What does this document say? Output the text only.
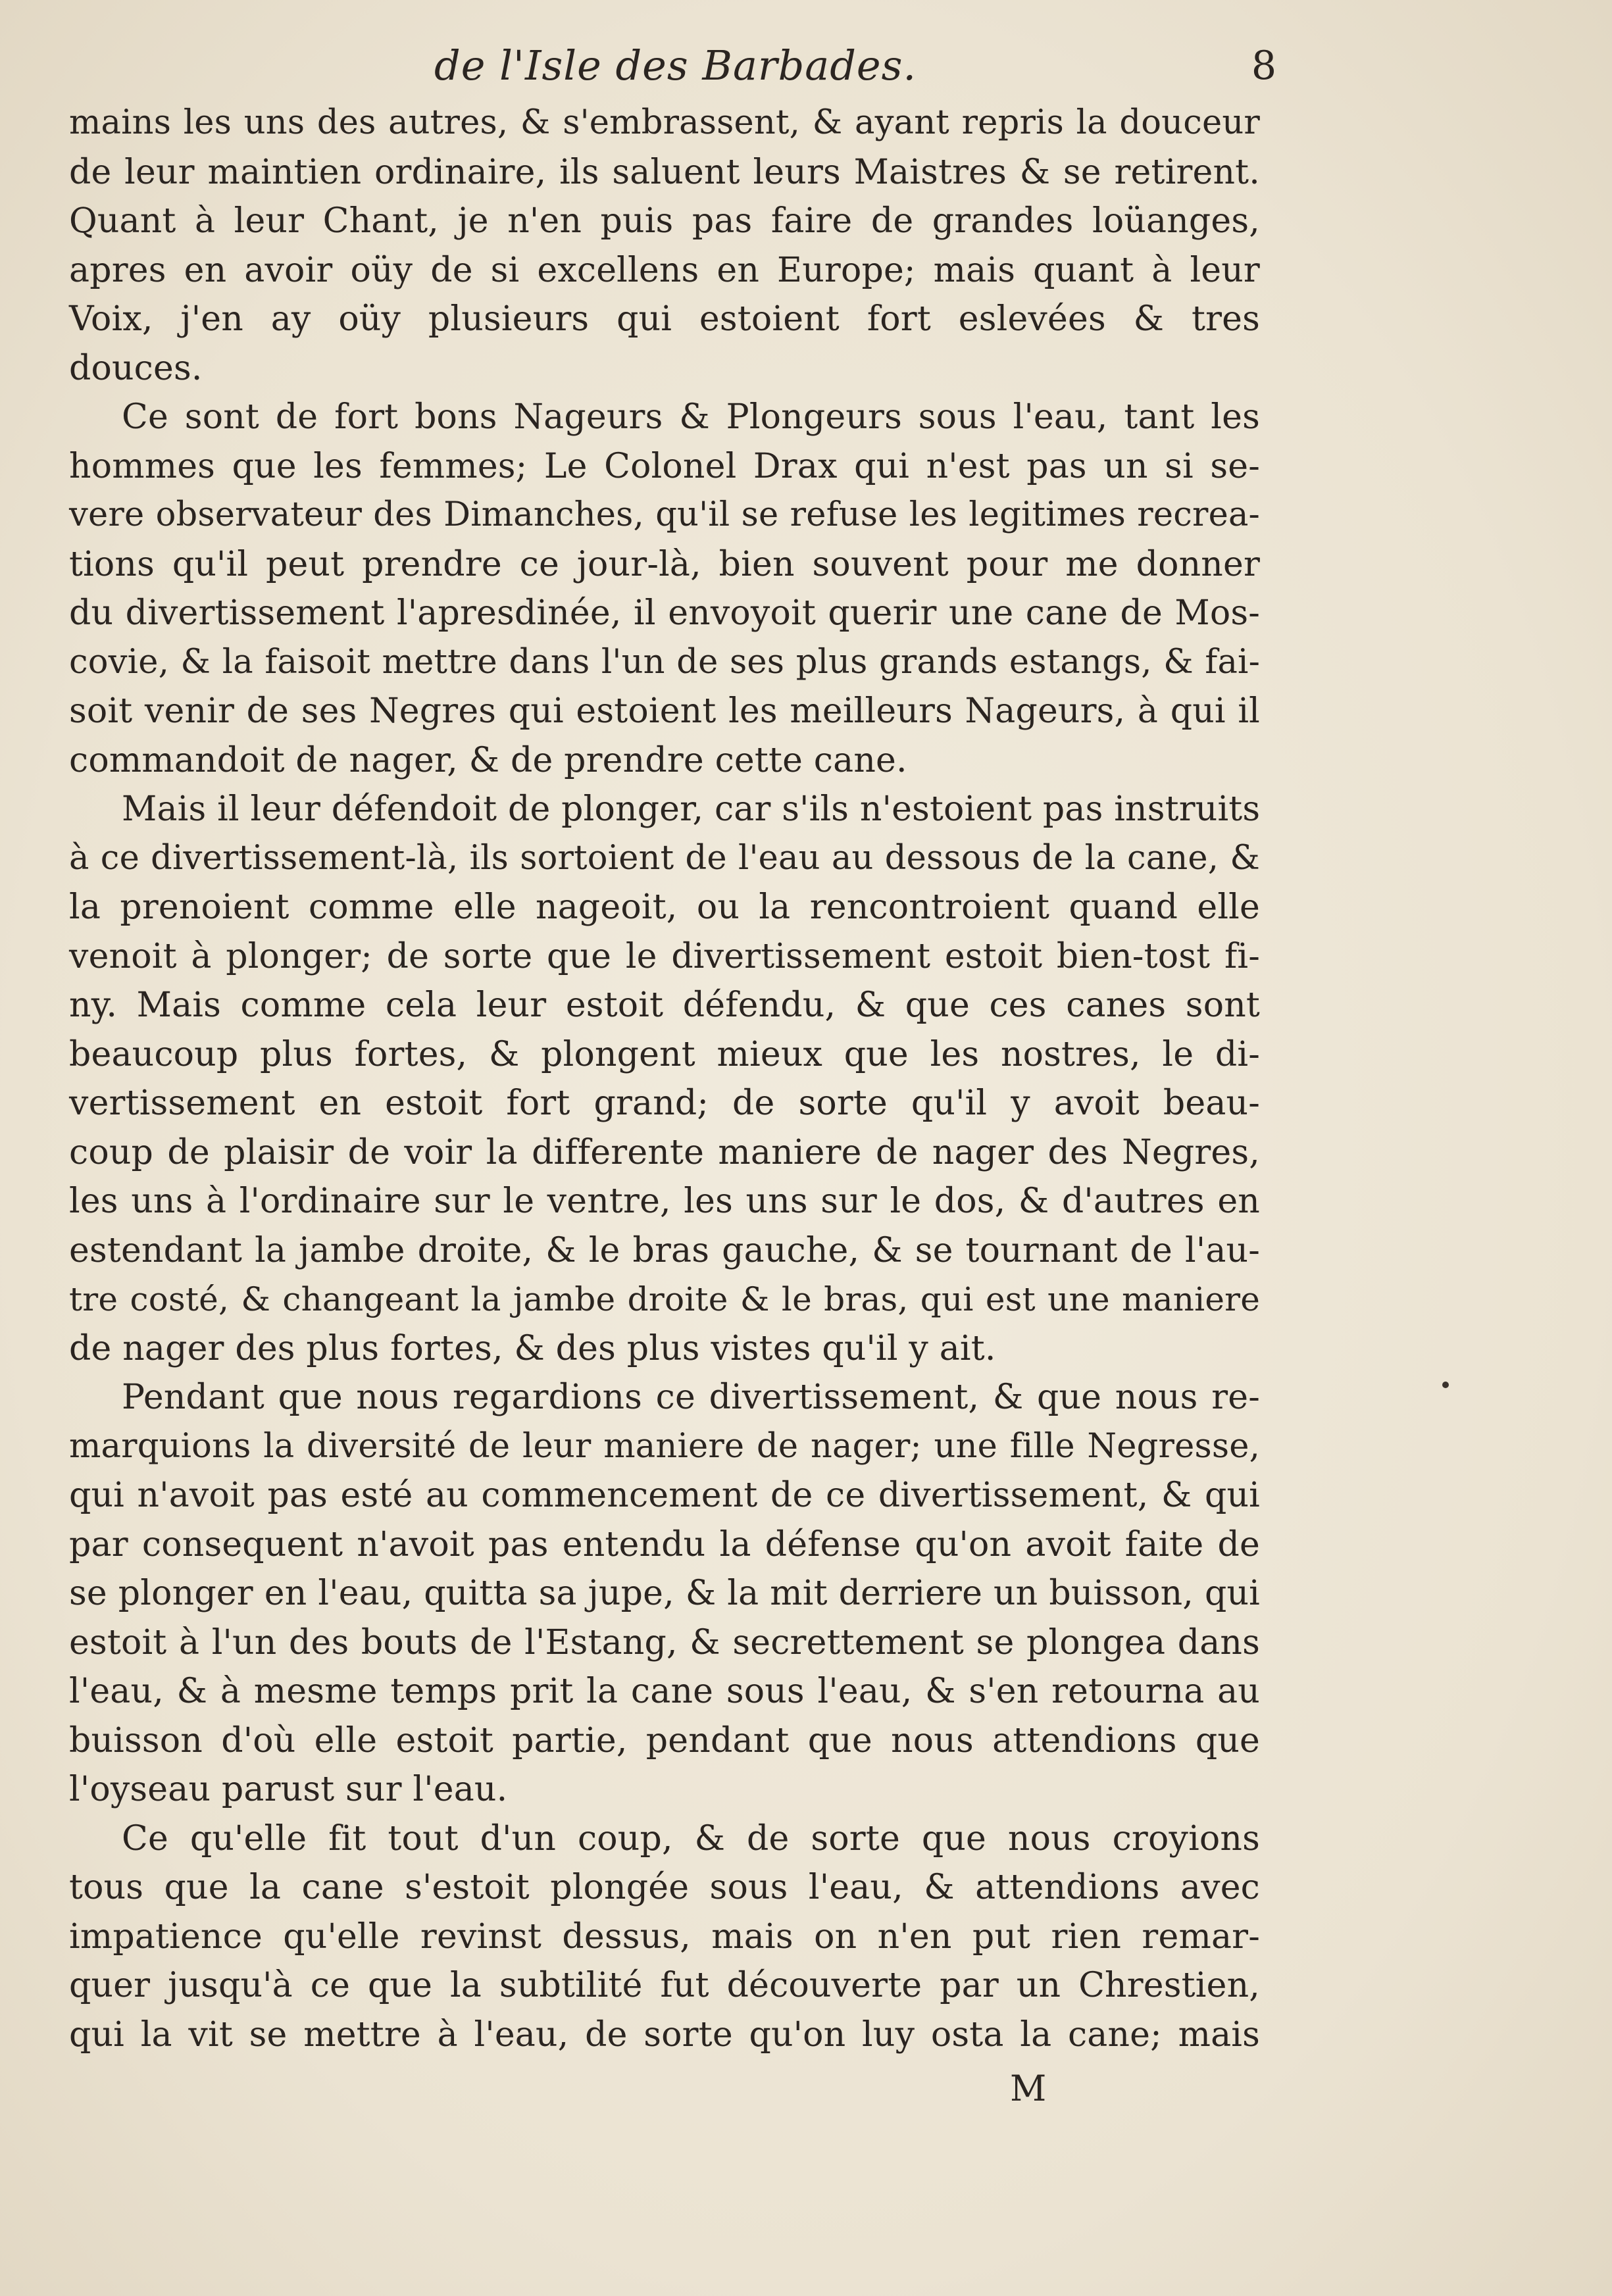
de l'Isle des Barbades.	8
mains les uns des autres, & s'embrassent, & ayant repris la douceur
de leur maintien ordinaire, ils saluent leurs Maistres & se retirent.
Quant à leur Chant, je n'en puis pas faire de grandes loüanges,
apres en avoir oüy de si excellens en Europe; mais quant à leur
Voix, j'en ay oüy plusieurs qui estoient fort eslevées & tres
douces.
Ce sont de fort bons Nageurs & Plongeurs sous l'eau, tant les
hommes que les femmes; Le Colonel Drax qui n'est pas un si se-
vere observateur des Dimanches, qu'il se refuse les legitimes recrea-
tions qu'il peut prendre ce jour-là, bien souvent pour me donner
du divertissement l'apresdinée, il envoyoit querir une cane de Mos-
covie, & la faisoit mettre dans l'un de ses plus grands estangs, & fai-
soit venir de ses Negres qui estoient les meilleurs Nageurs, à qui il
commandoit de nager, & de prendre cette cane.
Mais il leur défendoit de plonger, car s'ils n'estoient pas instruits
à ce divertissement-là, ils sortoient de l'eau au dessous de la cane, &
la prenoient comme elle nageoit, ou la rencontroient quand elle
venoit à plonger; de sorte que le divertissement estoit bien-tost fi-
ny. Mais comme cela leur estoit défendu, & que ces canes sont
beaucoup plus fortes, & plongent mieux que les nostres, le di-
vertissement en estoit fort grand; de sorte qu'il y avoit beau-
coup de plaisir de voir la differente maniere de nager des Negres,
les uns à l'ordinaire sur le ventre, les uns sur le dos, & d'autres en
estendant la jambe droite, & le bras gauche, & se tournant de l'au-
tre costé, & changeant la jambe droite & le bras, qui est une maniere
de nager des plus fortes, & des plus vistes qu'il y ait.
Pendant que nous regardions ce divertissement, & que nous re-
marquions la diversité de leur maniere de nager; une fille Negresse,
qui n'avoit pas esté au commencement de ce divertissement, & qui
par consequent n'avoit pas entendu la défense qu'on avoit faite de
se plonger en l'eau, quitta sa jupe, & la mit derriere un buisson, qui
estoit à l'un des bouts de l'Estang, & secrettement se plongea dans
l'eau, & à mesme temps prit la cane sous l'eau, & s'en retourna au
buisson d'où elle estoit partie, pendant que nous attendions que
l'oyseau parust sur l'eau.
Ce qu'elle fit tout d'un coup, & de sorte que nous croyions
tous que la cane s'estoit plongée sous l'eau, & attendions avec
impatience qu'elle revinst dessus, mais on n'en put rien remar-
quer jusqu'à ce que la subtilité fut découverte par un Chrestien,
qui la vit se mettre à l'eau, de sorte qu'on luy osta la cane; mais
M
